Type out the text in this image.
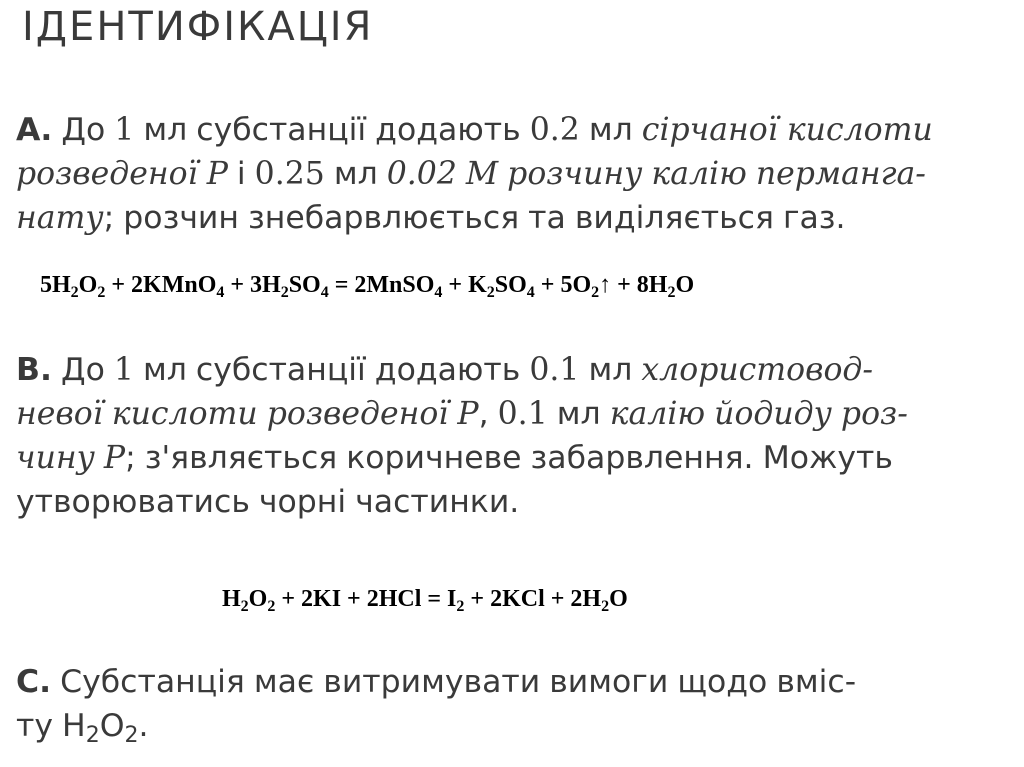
ІДЕНТИФІКАЦІЯ
А. До 1 мл субстанції додають 0.2 мл сірчаної кислоти
розведеної Р і 0.25 мл 0.02 М розчину калію перманга-
нату; розчин знебарвлюється та виділяється газ.
$5H_2O_2$ + 2KMnO$_4$ + $3H_2SO_4$ = 2MnSO$_4$ + $K_2SO_4$ + $5O_2↑ + 8H_2O$
B. До 1 мл субстанції додають 0.1 мл хлористовод-
невої кислоти розведеної Р, 0.1 мл калію йодиду роз-
чину Р; з'являється коричневе забарвлення. Можуть
утворюватись чорні частинки.
$H_2O_2 + 2KI + 2HCl = I_2 + 2KCl + 2H_2O$
С. Субстанція має витримувати вимоги щодо вміс-
ту $H_2O_2$.
